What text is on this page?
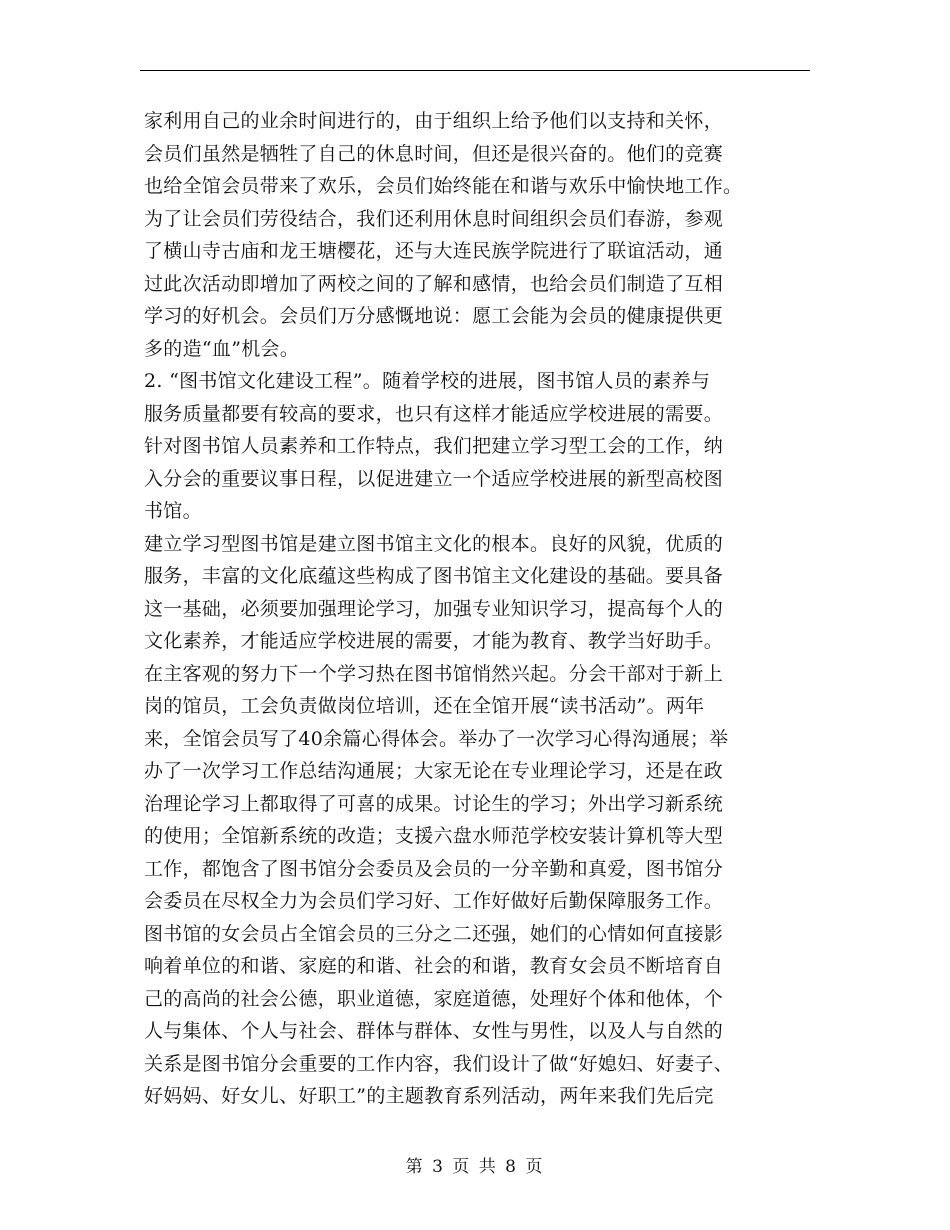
家利用自己的业余时间进行的，由于组织上给予他们以支持和关怀，
会员们虽然是牺牲了自己的休息时间，但还是很兴奋的。他们的竞赛
也给全馆会员带来了欢乐，会员们始终能在和谐与欢乐中愉快地工作。
为了让会员们劳役结合，我们还利用休息时间组织会员们春游，参观
了横山寺古庙和龙王塘樱花，还与大连民族学院进行了联谊活动，通
过此次活动即增加了两校之间的了解和感情，也给会员们制造了互相
学习的好机会。会员们万分感慨地说：愿工会能为会员的健康提供更
多的造“血”机会。
2. “图书馆文化建设工程”。随着学校的进展，图书馆人员的素养与
服务质量都要有较高的要求，也只有这样才能适应学校进展的需要。
针对图书馆人员素养和工作特点，我们把建立学习型工会的工作，纳
入分会的重要议事日程，以促进建立一个适应学校进展的新型高校图
书馆。
建立学习型图书馆是建立图书馆主文化的根本。良好的风貌，优质的
服务，丰富的文化底蕴这些构成了图书馆主文化建设的基础。要具备
这一基础，必须要加强理论学习，加强专业知识学习，提高每个人的
文化素养，才能适应学校进展的需要，才能为教育、教学当好助手。
在主客观的努力下一个学习热在图书馆悄然兴起。分会干部对于新上
岗的馆员，工会负责做岗位培训，还在全馆开展“读书活动”。两年
来，全馆会员写了40余篇心得体会。举办了一次学习心得沟通展；举
办了一次学习工作总结沟通展；大家无论在专业理论学习，还是在政
治理论学习上都取得了可喜的成果。讨论生的学习；外出学习新系统
的使用；全馆新系统的改造；支援六盘水师范学校安装计算机等大型
工作，都饱含了图书馆分会委员及会员的一分辛勤和真爱，图书馆分
会委员在尽权全力为会员们学习好、工作好做好后勤保障服务工作。
图书馆的女会员占全馆会员的三分之二还强，她们的心情如何直接影
响着单位的和谐、家庭的和谐、社会的和谐，教育女会员不断培育自
己的高尚的社会公德，职业道德，家庭道德，处理好个体和他体，个
人与集体、个人与社会、群体与群体、女性与男性，以及人与自然的
关系是图书馆分会重要的工作内容，我们设计了做“好媳妇、好妻子、
好妈妈、好女儿、好职工”的主题教育系列活动，两年来我们先后完
第 3 页 共 8 页
